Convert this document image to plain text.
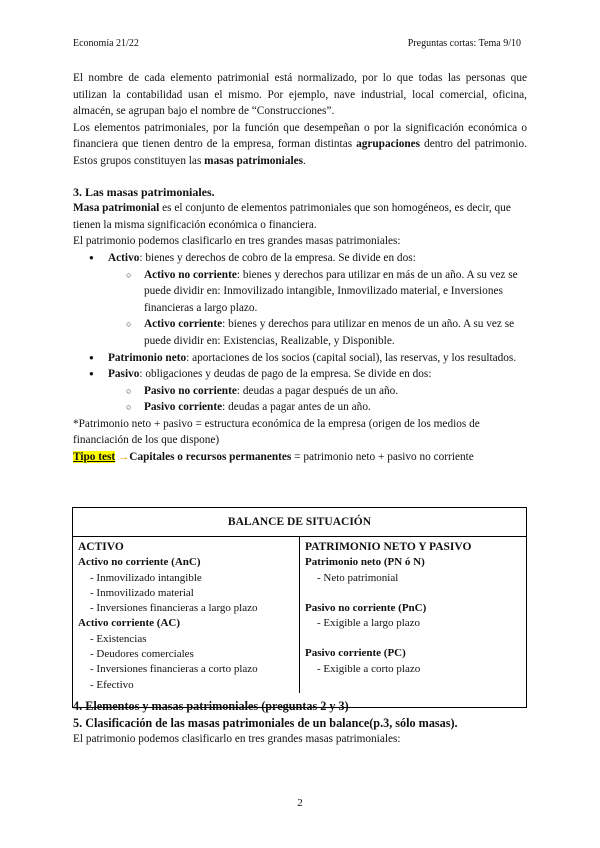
Economía 21/22	Preguntas cortas: Tema 9/10

El nombre de cada elemento patrimonial está normalizado, por lo que todas las personas que utilizan la contabilidad usan el mismo. Por ejemplo, nave industrial, local comercial, oficina, almacén, se agrupan bajo el nombre de “Construcciones”.

Los elementos patrimoniales, por la función que desempeñan o por la significación económica o financiera que tienen dentro de la empresa, forman distintas agrupaciones dentro del patrimonio. Estos grupos constituyen las masas patrimoniales.

3. Las masas patrimoniales.

Masa patrimonial es el conjunto de elementos patrimoniales que son homogéneos, es decir, que tienen la misma significación económica o financiera.

El patrimonio podemos clasificarlo en tres grandes masas patrimoniales:

● Activo: bienes y derechos de cobro de la empresa. Se divide en dos:
○ Activo no corriente: bienes y derechos para utilizar en más de un año. A su vez se puede dividir en: Inmovilizado intangible, Inmovilizado material, e Inversiones financieras a largo plazo.
○ Activo corriente: bienes y derechos para utilizar en menos de un año. A su vez se puede dividir en: Existencias, Realizable, y Disponible.
● Patrimonio neto: aportaciones de los socios (capital social), las reservas, y los resultados.
● Pasivo: obligaciones y deudas de pago de la empresa. Se divide en dos:
○ Pasivo no corriente: deudas a pagar después de un año.
○ Pasivo corriente: deudas a pagar antes de un año.

*Patrimonio neto + pasivo = estructura económica de la empresa (origen de los medios de financiación de los que dispone)

Tipo test →Capitales o recursos permanentes = patrimonio neto + pasivo no corriente

BALANCE DE SITUACIÓN
ACTIVO
Activo no corriente (AnC)
- Inmovilizado intangible
- Inmovilizado material
- Inversiones financieras a largo plazo
Activo corriente (AC)
- Existencias
- Deudores comerciales
- Inversiones financieras a corto plazo
- Efectivo
PATRIMONIO NETO Y PASIVO
Patrimonio neto (PN ó N)
- Neto patrimonial
Pasivo no corriente (PnC)
- Exigible a largo plazo
Pasivo corriente (PC)
- Exigible a corto plazo

4. Elementos y masas patrimoniales (preguntas 2 y 3)

5. Clasificación de las masas patrimoniales de un balance(p.3, sólo masas).

El patrimonio podemos clasificarlo en tres grandes masas patrimoniales:

2
